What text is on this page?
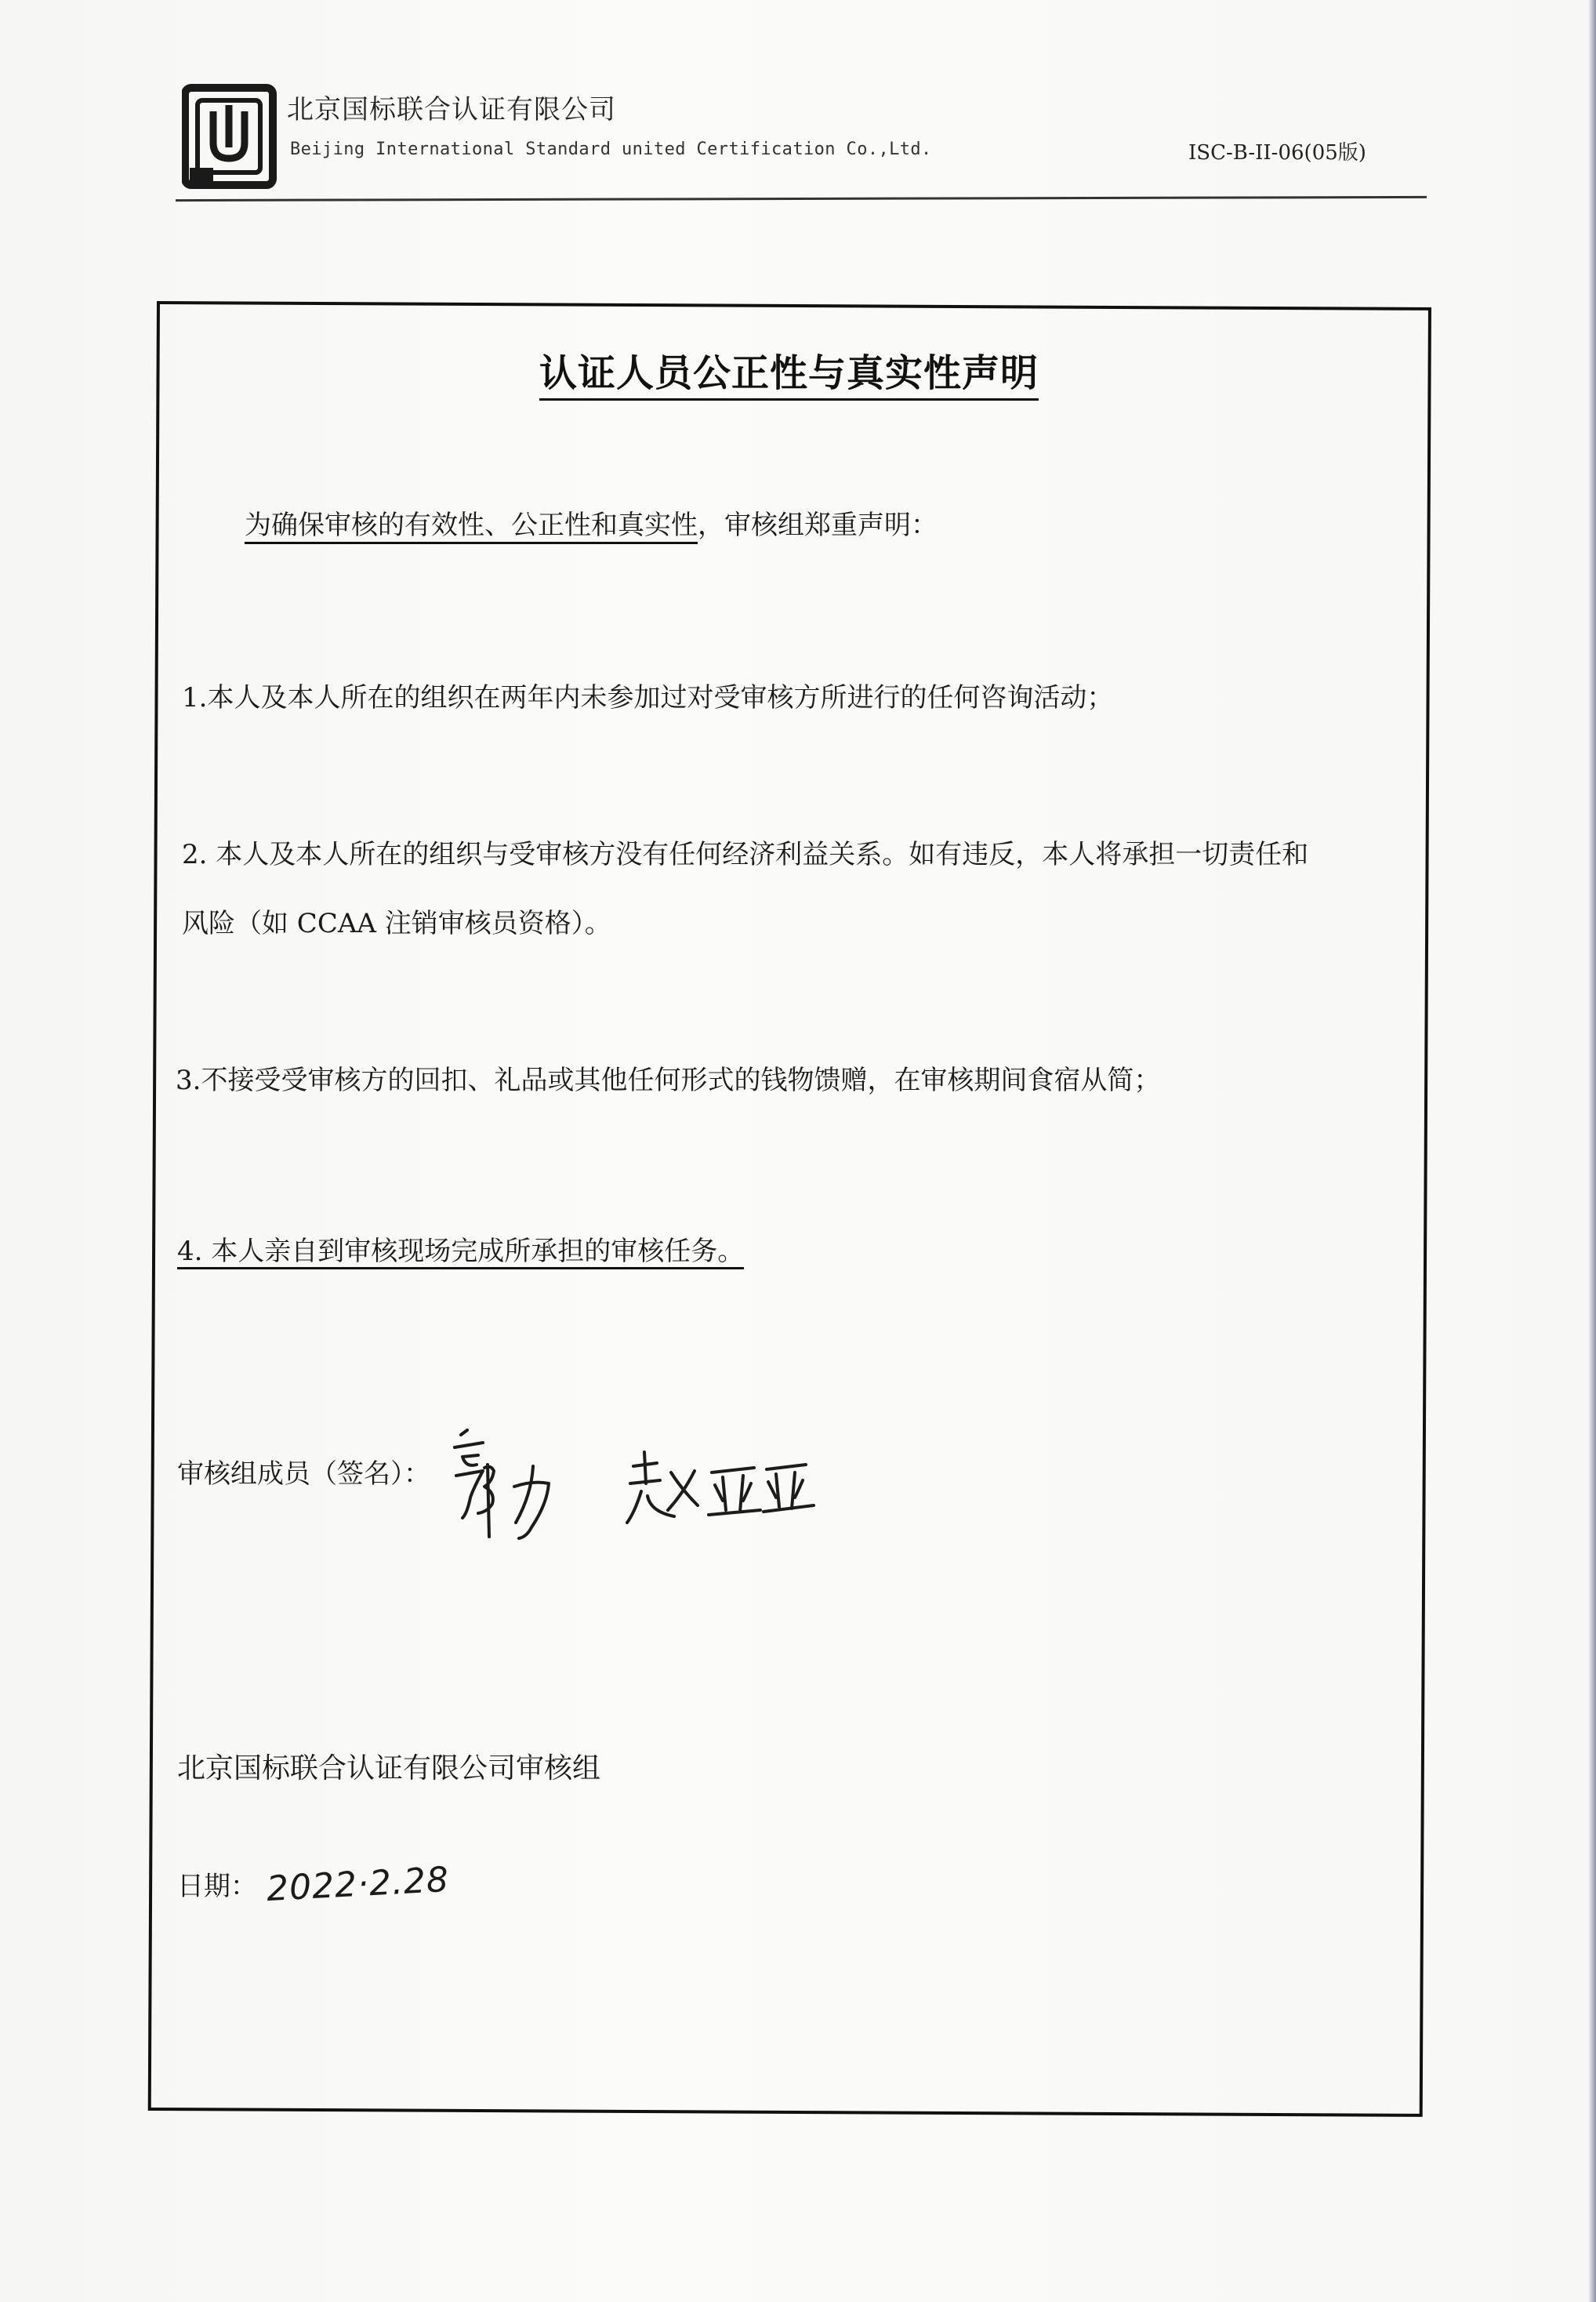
北京国标联合认证有限公司
Beijing International Standard united Certification Co.,Ltd.	ISC-B-II-06(05版)
认证人员公正性与真实性声明
为确保审核的有效性、公正性和真实性，审核组郑重声明：
1.本人及本人所在的组织在两年内未参加过对受审核方所进行的任何咨询活动；
2. 本人及本人所在的组织与受审核方没有任何经济利益关系。如有违反，本人将承担一切责任和
风险（如 CCAA 注销审核员资格）。
3.不接受受审核方的回扣、礼品或其他任何形式的钱物馈赠，在审核期间食宿从简；
4. 本人亲自到审核现场完成所承担的审核任务。
审核组成员（签名）：
北京国标联合认证有限公司审核组
日期： 2022·2.28
